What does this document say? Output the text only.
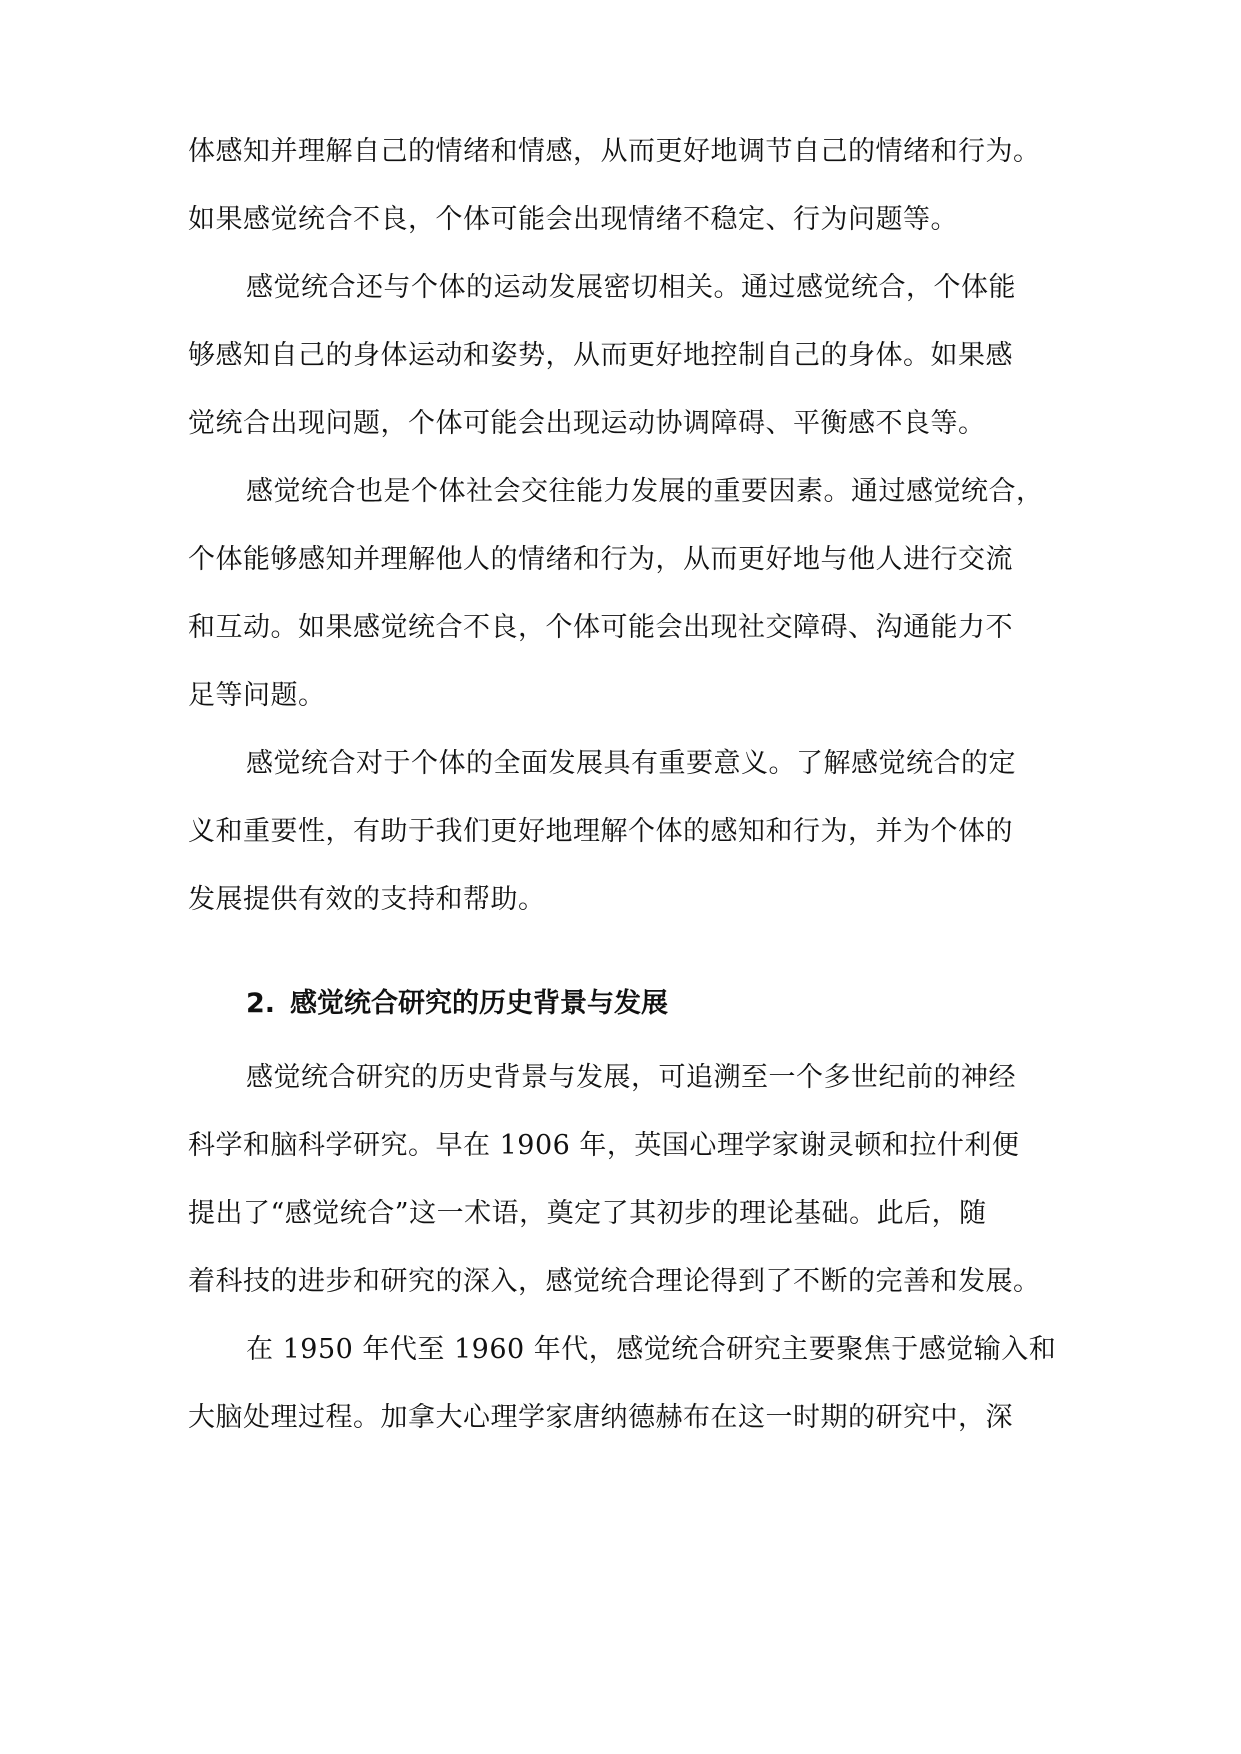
体感知并理解自己的情绪和情感，从而更好地调节自己的情绪和行为。
如果感觉统合不良，个体可能会出现情绪不稳定、行为问题等。
感觉统合还与个体的运动发展密切相关。通过感觉统合，个体能
够感知自己的身体运动和姿势，从而更好地控制自己的身体。如果感
觉统合出现问题，个体可能会出现运动协调障碍、平衡感不良等。
感觉统合也是个体社会交往能力发展的重要因素。通过感觉统合，
个体能够感知并理解他人的情绪和行为，从而更好地与他人进行交流
和互动。如果感觉统合不良，个体可能会出现社交障碍、沟通能力不
足等问题。
感觉统合对于个体的全面发展具有重要意义。了解感觉统合的定
义和重要性，有助于我们更好地理解个体的感知和行为，并为个体的
发展提供有效的支持和帮助。
2. 感觉统合研究的历史背景与发展
感觉统合研究的历史背景与发展，可追溯至一个多世纪前的神经
科学和脑科学研究。早在 1906 年，英国心理学家谢灵顿和拉什利便
提出了“感觉统合”这一术语，奠定了其初步的理论基础。此后，随
着科技的进步和研究的深入，感觉统合理论得到了不断的完善和发展。
在 1950 年代至 1960 年代，感觉统合研究主要聚焦于感觉输入和
大脑处理过程。加拿大心理学家唐纳德赫布在这一时期的研究中，深
